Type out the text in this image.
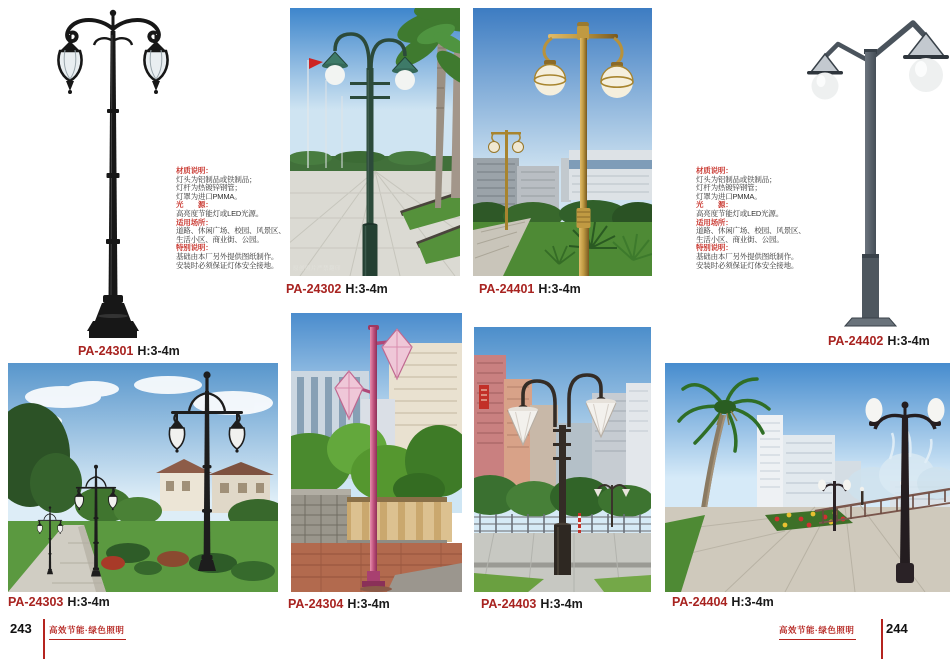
PA-24301 H:3-4m
原创照片严禁翻印
PA-24302 H:3-4m	PA-24401 H:3-4m
PA-24402 H:3-4m
材质说明：
灯头为铝制品或铁制品；
灯杆为热镀锌钢管；
灯罩为进口PMMA。
光　　源：
高亮度节能灯或LED光源。
适用场所：
道路、休闲广场、校园、风景区、
生活小区、商业街、公园。
特别说明：
基础由本厂另外提供图纸制作。
安装时必须保证灯体安全接地。
材质说明：
灯头为铝制品或铁制品；
灯杆为热镀锌钢管；
灯罩为进口PMMA。
光　　源：
高亮度节能灯或LED光源。
适用场所：
道路、休闲广场、校园、风景区、
生活小区、商业街、公园。
特别说明：
基础由本厂另外提供图纸制作。
安装时必须保证灯体安全接地。
PA-24303 H:3-4m	PA-24304 H:3-4m	PA-24403 H:3-4m	PA-24404 H:3-4m
243 高效节能·绿色照明	高效节能·绿色照明 244
